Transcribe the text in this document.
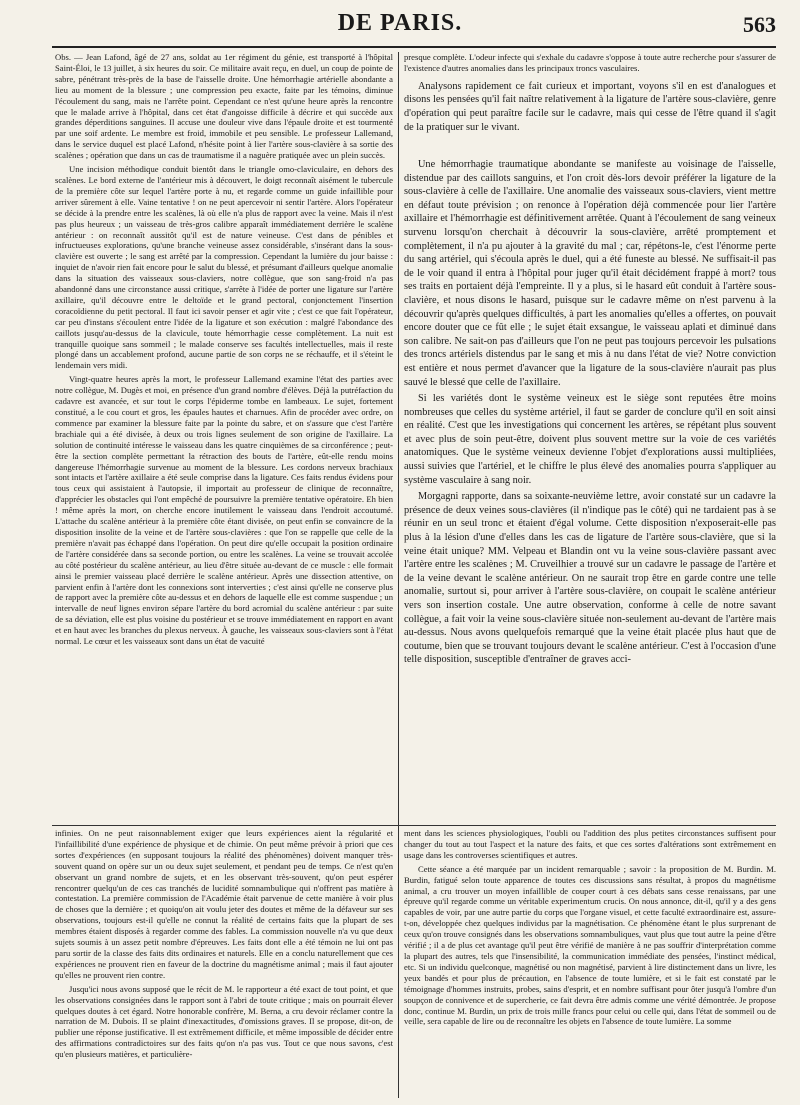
DE PARIS.	563

Obs. — Jean Lafond, âgé de 27 ans, soldat au 1er régiment du génie, est transporté à l'hôpital Saint-Éloi, le 13 juillet, à six heures du soir. Ce militaire avait reçu, en duel, un coup de pointe de sabre, pénétrant très-près de la base de l'aisselle droite. Une hémorrhagie artérielle abondante a lieu au moment de la blessure ; une compression peu exacte, faite par les témoins, diminue l'écoulement du sang, mais ne l'arrête point. Cependant ce n'est qu'une heure après la rencontre que le malade arrive à l'hôpital, dans cet état d'angoisse difficile à décrire et qui succède aux grandes déperditions sanguines. Il accuse une douleur vive dans l'épaule droite et est tourmenté par une soif ardente. Le membre est froid, immobile et peu sensible. Le professeur Lallemand, dans le service duquel est placé Lafond, n'hésite point à lier l'artère sous-clavière à sa sortie des scalènes ; opération que dans un cas de traumatisme il a naguère pratiquée avec un plein succès.

Une incision méthodique conduit bientôt dans le triangle omo-claviculaire, en dehors des scalènes. Le bord externe de l'antérieur mis à découvert, le doigt reconnaît aisément le tubercule de la première côte sur lequel l'artère porte à nu, et regarde comme un guide infaillible pour arriver sûrement à elle. Vaine tentative ! on ne peut apercevoir ni sentir l'artère. Alors l'opérateur se décide à la prendre entre les scalènes, là où elle n'a plus de rapport avec la veine. Mais il n'est pas plus heureux ; un vaisseau de très-gros calibre apparaît immédiatement derrière le scalène antérieur : on reconnaît aussitôt qu'il est de nature veineuse. C'est dans de pénibles et infructueuses explorations, qu'une branche veineuse assez considérable, s'insérant dans la sous-clavière est ouverte ; le sang est arrêté par la compression. Cependant la lumière du jour baisse : inquiet de n'avoir rien fait encore pour le salut du blessé, et présumant d'ailleurs quelque anomalie dans la situation des vaisseaux sous-claviers, notre collègue, que son sang-froid n'a pas abandonné dans une circonstance aussi critique, s'arrête à l'idée de porter une ligature sur l'artère axillaire, qu'il découvre entre le deltoïde et le grand pectoral, conjonctement l'insertion coracoïdienne du petit pectoral. Il faut ici savoir penser et agir vite ; c'est ce que fait l'opérateur, car peu d'instans s'écoulent entre l'idée de la ligature et son exécution : malgré l'abondance des caillots jusqu'au-dessus de la clavicule, toute hémorrhagie cesse complètement. La nuit est tranquille quoique sans sommeil ; le malade conserve ses facultés intellectuelles, mais il reste plongé dans un accablement profond, aucune partie de son corps ne se réchauffe, et il s'éteint le lendemain vers midi.

Vingt-quatre heures après la mort, le professeur Lallemand examine l'état des parties avec notre collègue, M. Dugès et moi, en présence d'un grand nombre d'élèves. Déjà la putréfaction du cadavre est avancée, et sur tout le corps l'épiderme tombe en lambeaux. Le sujet, fortement constitué, a le cou court et gros, les épaules hautes et charnues. Afin de procéder avec ordre, on commence par examiner la blessure faite par la pointe du sabre, et on s'assure que c'est l'artère brachiale qui a été divisée, à deux ou trois lignes seulement de son origine de l'axillaire. La solution de continuité intéresse le vaisseau dans les quatre cinquièmes de sa circonférence ; peut-être la section complète permettant la rétraction des bouts de l'artère, eût-elle rendu moins dangereuse l'hémorrhagie survenue au moment de la blessure. Les cordons nerveux brachiaux sont intacts et l'artère axillaire a été seule comprise dans la ligature. Ces faits rendus évidens pour tous ceux qui assistaient à l'autopsie, il importait au professeur de clinique de reconnaître, d'apprécier les obstacles qui l'ont empêché de poursuivre la première tentative opératoire. Eh bien ! même après la mort, on cherche encore inutilement le vaisseau dans l'endroit accoutumé. L'attache du scalène antérieur à la première côte étant divisée, on peut enfin se convaincre de la disposition insolite de la veine et de l'artère sous-clavières : que l'on se rappelle que celle de la première n'avait pas échappé dans l'opération. On peut dire qu'elle occupait la position ordinaire de l'artère considérée dans sa seconde portion, ou entre les scalènes. La veine se trouvait accolée au côté postérieur du scalène antérieur, au lieu d'être située au-devant de ce muscle : elle formait ainsi le premier vaisseau placé derrière le scalène antérieur. Après une dissection attentive, on parvient enfin à l'artère dont les connexions sont interverties ; c'est ainsi qu'elle ne conserve plus de rapport avec la première côte au-dessus et en dehors de laquelle elle est comme suspendue ; un intervalle de neuf lignes environ sépare l'artère du bord acromial du scalène antérieur : par suite de sa déviation, elle est plus voisine du postérieur et se trouve immédiatement en rapport en avant et en haut avec les branches du plexus nerveux. À gauche, les vaisseaux sous-claviers sont à l'état normal. Le cœur et les vaisseaux sont dans un état de vacuité

presque complète. L'odeur infecte qui s'exhale du cadavre s'oppose à toute autre recherche pour s'assurer de l'existence d'autres anomalies dans les principaux troncs vasculaires.

Analysons rapidement ce fait curieux et important, voyons s'il en est d'analogues et disons les pensées qu'il fait naître relativement à la ligature de l'artère sous-clavière, genre d'opération qui peut paraître facile sur le cadavre, mais qui cesse de l'être quand il s'agit de la pratiquer sur le vivant.

Une hémorrhagie traumatique abondante se manifeste au voisinage de l'aisselle, distendue par des caillots sanguins, et l'on croit dès-lors devoir préférer la ligature de la sous-clavière à celle de l'axillaire. Une anomalie des vaisseaux sous-claviers, vient mettre en défaut toute prévision ; on renonce à l'opération déjà commencée pour lier l'artère axillaire et l'hémorrhagie est définitivement arrêtée. Quant à l'écoulement de sang veineux survenu lorsqu'on cherchait à découvrir la sous-clavière, arrêté promptement et complètement, il n'a pu ajouter à la gravité du mal ; car, répétons-le, c'est l'énorme perte du sang artériel, qui s'écoula après le duel, qui a été funeste au blessé. Ne suffisait-il pas de le voir quand il entra à l'hôpital pour juger qu'il était décidément frappé à mort? tous ses traits en portaient déjà l'empreinte. Il y a plus, si le hasard eût conduit à l'artère sous-clavière, et nous disons le hasard, puisque sur le cadavre même on n'est parvenu à la découvrir qu'après quelques difficultés, à part les anomalies qu'elles a offertes, on pouvait encore douter que ce fût elle ; le sujet était exsangue, le vaisseau aplati et diminué dans son calibre. Ne sait-on pas d'ailleurs que l'on ne peut pas toujours percevoir les pulsations des troncs artériels distendus par le sang et mis à nu dans l'état de vie? Notre conviction est entière et nous permet d'avancer que la ligature de la sous-clavière n'aurait pas plus sauvé le blessé que celle de l'axillaire.

Si les variétés dont le système veineux est le siège sont reputées être moins nombreuses que celles du système artériel, il faut se garder de conclure qu'il en soit ainsi en réalité. C'est que les investigations qui concernent les artères, se répétant plus souvent et avec plus de soin peut-être, doivent plus souvent mettre sur la voie de ces variétés anatomiques. Que le système veineux devienne l'objet d'explorations aussi multipliées, aussi suivies que l'artériel, et le chiffre le plus élevé des anomalies pourra s'appliquer au système vasculaire à sang noir.

Morgagni rapporte, dans sa soixante-neuvième lettre, avoir constaté sur un cadavre la présence de deux veines sous-clavières (il n'indique pas le côté) qui ne tardaient pas à se réunir en un seul tronc et étaient d'égal volume. Cette disposition n'exposerait-elle pas plus à la lésion d'une d'elles dans les cas de ligature de l'artère sous-clavière, que si la veine était unique? MM. Velpeau et Blandin ont vu la veine sous-clavière passant avec l'artère entre les scalènes ; M. Cruveilhier a trouvé sur un cadavre le passage de l'artère et de la veine devant le scalène antérieur. On ne saurait trop être en garde contre une telle anomalie, surtout si, pour arriver à l'artère sous-clavière, on coupait le scalène antérieur vers son insertion costale. Une autre observation, conforme à celle de notre savant collègue, a fait voir la veine sous-clavière située non-seulement au-devant de l'artère mais au-dessus. Nous avons quelquefois remarqué que la veine était placée plus haut que de coutume, bien que se trouvant toujours devant le scalène antérieur. C'est à l'occasion d'une telle disposition, susceptible d'entraîner de graves acci-

infinies. On ne peut raisonnablement exiger que leurs expériences aient la régularité et l'infaillibilité d'une expérience de physique et de chimie. On peut même prévoir à priori que ces sortes d'expériences (en supposant toujours la réalité des phénomènes) doivent manquer très-souvent quand on opère sur un ou deux sujet seulement, et pendant peu de temps. Ce n'est qu'en observant un grand nombre de sujets, et en les observant très-souvent, qu'on peut espérer rencontrer quelqu'un de ces cas tranchés de lucidité somnambulique qui n'offrent pas matière à contestation. La première commission de l'Académie était parvenue de cette manière à voir plus de choses que la dernière ; et quoiqu'on ait voulu jeter des doutes et même de la défaveur sur ses observations, toujours est-il qu'elle ne connut la réalité de certains faits que la plupart de ses membres étaient disposés à regarder comme des fables. La commission nouvelle n'a vu que deux sujets soumis à un assez petit nombre d'épreuves. Les faits dont elle a été témoin ne lui ont pas paru sortir de la classe des faits dits ordinaires et naturels. Elle en a conclu naturellement que ces expériences ne prouvent rien en faveur de la doctrine du magnétisme animal ; mais il faut ajouter qu'elles ne prouvent rien contre.

Jusqu'ici nous avons supposé que le récit de M. le rapporteur a été exact de tout point, et que les observations consignées dans le rapport sont à l'abri de toute critique ; mais on pourrait élever quelques doutes à cet égard. Notre honorable confrère, M. Berna, a cru devoir réclamer contre la narration de M. Dubois. Il se plaint d'inexactitudes, d'omissions graves. Il se propose, dit-on, de publier une réponse justificative. Il est extrêmement difficile, et même impossible de décider entre des affirmations contradictoires sur des faits qu'on n'a pas vus. Tout ce que nous savons, c'est qu'en plusieurs matières, et particulière-

ment dans les sciences physiologiques, l'oubli ou l'addition des plus petites circonstances suffisent pour changer du tout au tout l'aspect et la nature des faits, et que ces sortes d'altérations sont extrêmement en usage dans les controverses scientifiques et autres.

Cette séance a été marquée par un incident remarquable ; savoir : la proposition de M. Burdin. M. Burdin, fatigué selon toute apparence de toutes ces discussions sans résultat, à propos du magnétisme animal, a cru trouver un moyen infaillible de couper court à ces débats sans cesse renaissans, par une épreuve qu'il regarde comme un véritable experimentum crucis. On nous annonce, dit-il, qu'il y a des gens capables de voir, par une autre partie du corps que l'organe visuel, et cette faculté extraordinaire est, assure-t-on, développée chez quelques individus par la magnétisation. Ce phénomène étant le plus surprenant de ceux qu'on trouve consignés dans les observations somnambuliques, vaut plus que tout autre la peine d'être vérifié ; il a de plus cet avantage qu'il peut être vérifié de manière à ne pas souffrir d'interprétation comme la plupart des autres, tels que l'insensibilité, la communication immédiate des pensées, l'instinct médical, etc. Si un individu quelconque, magnétisé ou non magnétisé, parvient à lire distinctement dans un livre, les yeux bandés et pour plus de précaution, en l'absence de toute lumière, et si le fait est constaté par le témoignage d'hommes instruits, probes, sains d'esprit, et en nombre suffisant pour ôter jusqu'à l'ombre d'un soupçon de connivence et de supercherie, ce fait devra être admis comme une vérité démontrée. Je propose donc, continue M. Burdin, un prix de trois mille francs pour celui ou celle qui, dans l'état de sommeil ou de veille, sera capable de lire ou de reconnaître les objets en l'absence de toute lumière. La somme
